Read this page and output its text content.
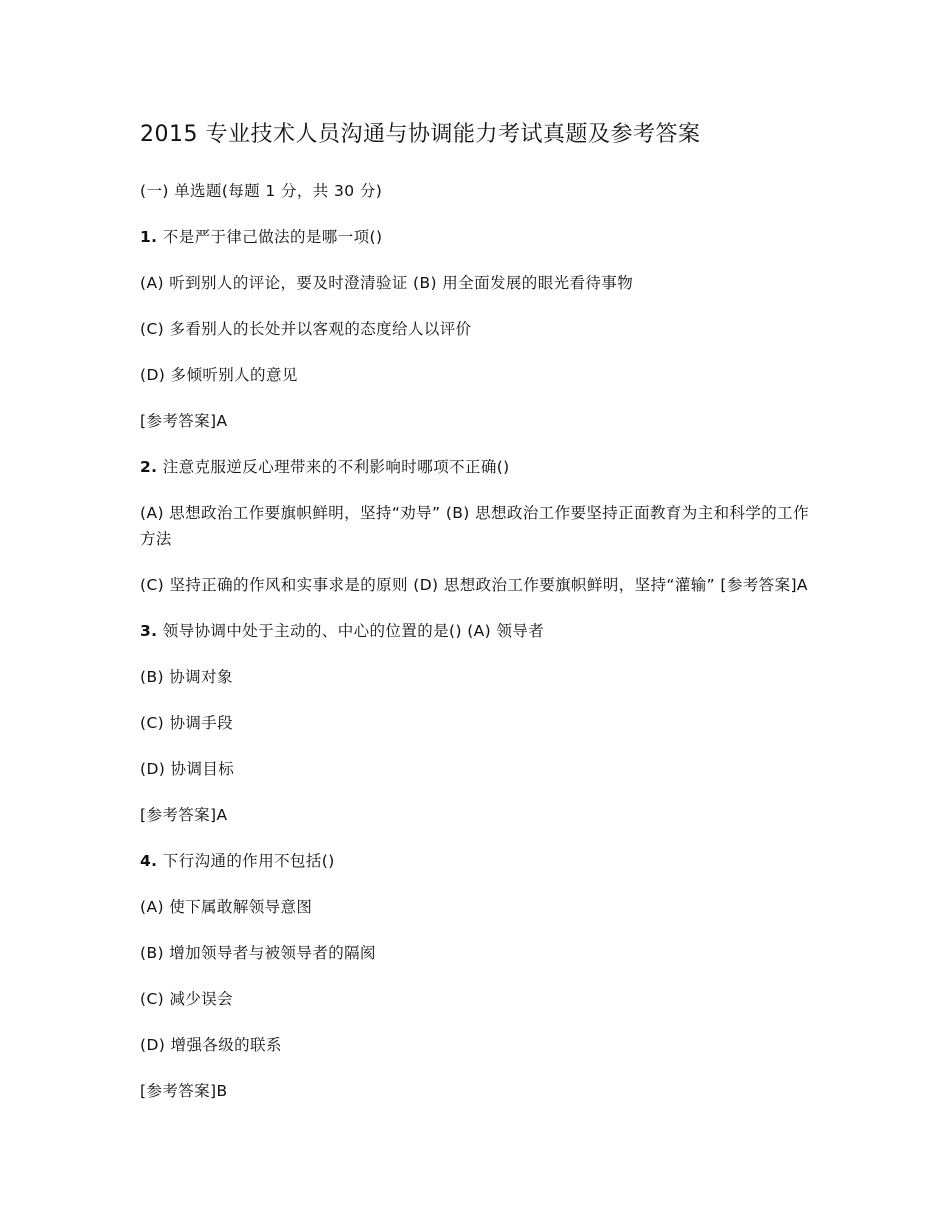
2015 专业技术人员沟通与协调能力考试真题及参考答案

(一) 单选题(每题 1 分，共 30 分)

1. 不是严于律己做法的是哪一项()

(A) 听到别人的评论，要及时澄清验证 (B) 用全面发展的眼光看待事物

(C) 多看别人的长处并以客观的态度给人以评价

(D) 多倾听别人的意见

[参考答案]A

2. 注意克服逆反心理带来的不利影响时哪项不正确()

(A) 思想政治工作要旗帜鲜明，坚持“劝导” (B) 思想政治工作要坚持正面教育为主和科学的工作方法

(C) 坚持正确的作风和实事求是的原则 (D) 思想政治工作要旗帜鲜明，坚持“灌输” [参考答案]A

3. 领导协调中处于主动的、中心的位置的是() (A) 领导者

(B) 协调对象

(C) 协调手段

(D) 协调目标

[参考答案]A

4. 下行沟通的作用不包括()

(A) 使下属敢解领导意图

(B) 增加领导者与被领导者的隔阂

(C) 减少误会

(D) 增强各级的联系

[参考答案]B
